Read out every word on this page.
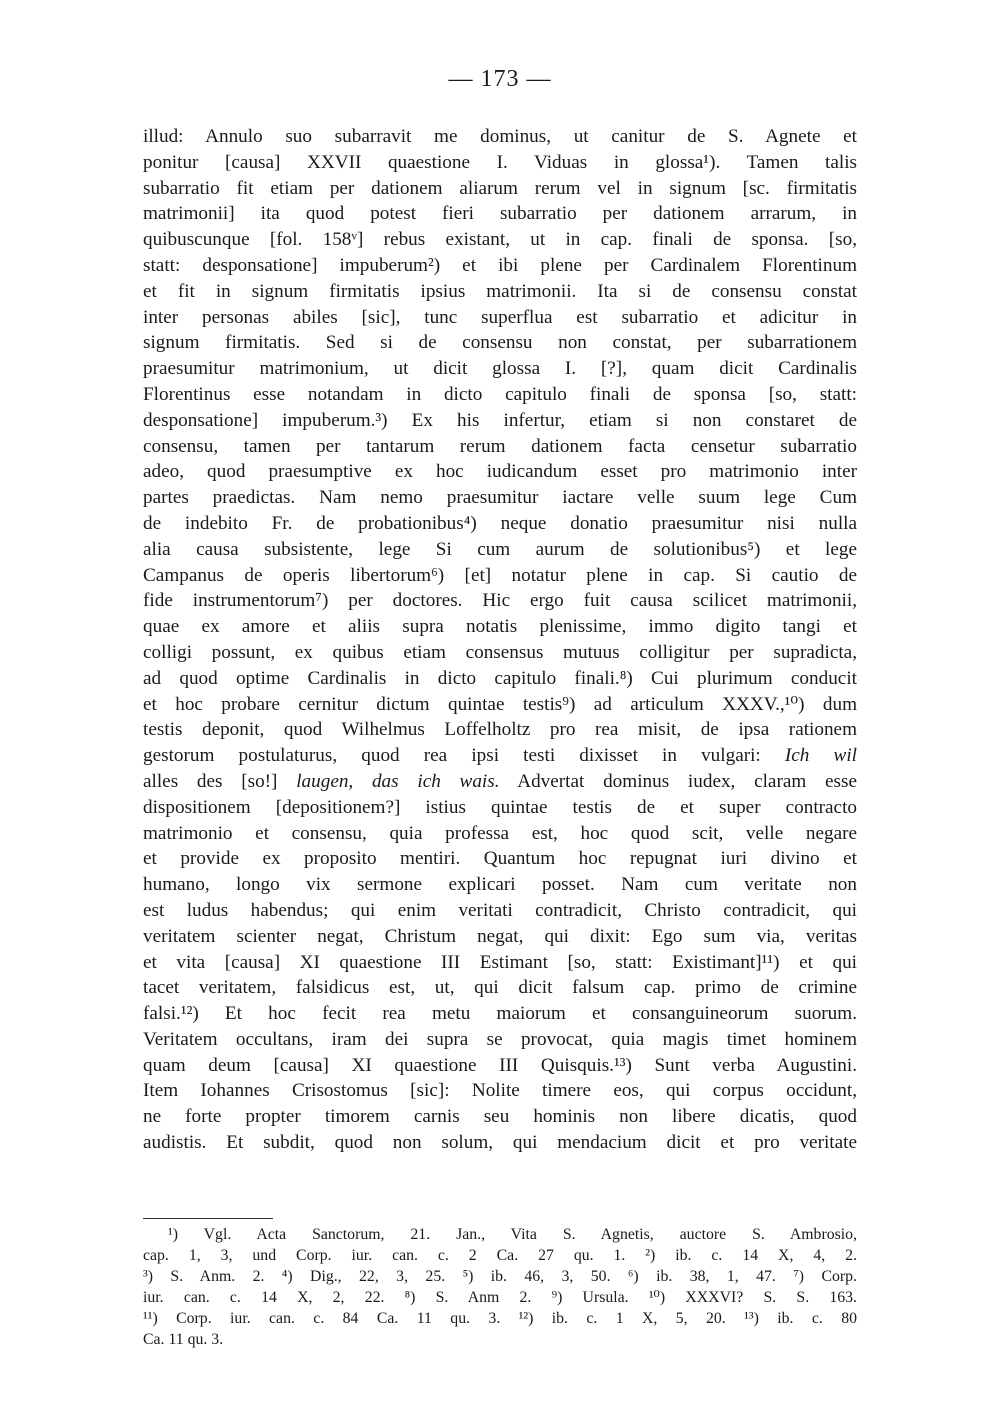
— 173 —
illud: Annulo suo subarravit me dominus, ut canitur de S. Agnete et
ponitur [causa] XXVII quaestione I. Viduas in glossa¹). Tamen talis
subarratio fit etiam per dationem aliarum rerum vel in signum [sc. firmitatis
matrimonii] ita quod potest fieri subarratio per dationem arrarum, in
quibuscunque [fol. 158ᵛ] rebus existant, ut in cap. finali de sponsa. [so,
statt: desponsatione] impuberum²) et ibi plene per Cardinalem Florentinum
et fit in signum firmitatis ipsius matrimonii. Ita si de consensu constat
inter personas abiles [sic], tunc superflua est subarratio et adicitur in
signum firmitatis. Sed si de consensu non constat, per subarrationem
praesumitur matrimonium, ut dicit glossa I. [?], quam dicit Cardinalis
Florentinus esse notandam in dicto capitulo finali de sponsa [so, statt:
desponsatione] impuberum.³) Ex his infertur, etiam si non constaret de
consensu, tamen per tantarum rerum dationem facta censetur subarratio
adeo, quod praesumptive ex hoc iudicandum esset pro matrimonio inter
partes praedictas. Nam nemo praesumitur iactare velle suum lege Cum
de indebito Fr. de probationibus⁴) neque donatio praesumitur nisi nulla
alia causa subsistente, lege Si cum aurum de solutionibus⁵) et lege
Campanus de operis libertorum⁶) [et] notatur plene in cap. Si cautio de
fide instrumentorum⁷) per doctores. Hic ergo fuit causa scilicet matrimonii,
quae ex amore et aliis supra notatis plenissime, immo digito tangi et
colligi possunt, ex quibus etiam consensus mutuus colligitur per supradicta,
ad quod optime Cardinalis in dicto capitulo finali.⁸) Cui plurimum conducit
et hoc probare cernitur dictum quintae testis⁹) ad articulum XXXV.,¹⁰) dum
testis deponit, quod Wilhelmus Loffelholtz pro rea misit, de ipsa rationem
gestorum postulaturus, quod rea ipsi testi dixisset in vulgari: Ich wil
alles des [so!] laugen, das ich wais. Advertat dominus iudex, claram esse
dispositionem [depositionem?] istius quintae testis de et super contracto
matrimonio et consensu, quia professa est, hoc quod scit, velle negare
et provide ex proposito mentiri. Quantum hoc repugnat iuri divino et
humano, longo vix sermone explicari posset. Nam cum veritate non
est ludus habendus; qui enim veritati contradicit, Christo contradicit, qui
veritatem scienter negat, Christum negat, qui dixit: Ego sum via, veritas
et vita [causa] XI quaestione III Estimant [so, statt: Existimant]¹¹) et qui
tacet veritatem, falsidicus est, ut, qui dicit falsum cap. primo de crimine
falsi.¹²) Et hoc fecit rea metu maiorum et consanguineorum suorum.
Veritatem occultans, iram dei supra se provocat, quia magis timet hominem
quam deum [causa] XI quaestione III Quisquis.¹³) Sunt verba Augustini.
Item Iohannes Crisostomus [sic]: Nolite timere eos, qui corpus occidunt,
ne forte propter timorem carnis seu hominis non libere dicatis, quod
audistis. Et subdit, quod non solum, qui mendacium dicit et pro veritate
¹) Vgl. Acta Sanctorum, 21. Jan., Vita S. Agnetis, auctore S. Ambrosio,
cap. 1, 3, und Corp. iur. can. c. 2 Ca. 27 qu. 1. ²) ib. c. 14 X, 4, 2.
³) S. Anm. 2. ⁴) Dig., 22, 3, 25. ⁵) ib. 46, 3, 50. ⁶) ib. 38, 1, 47. ⁷) Corp.
iur. can. c. 14 X, 2, 22. ⁸) S. Anm 2. ⁹) Ursula. ¹⁰) XXXVI? S. S. 163.
¹¹) Corp. iur. can. c. 84 Ca. 11 qu. 3. ¹²) ib. c. 1 X, 5, 20. ¹³) ib. c. 80
Ca. 11 qu. 3.
